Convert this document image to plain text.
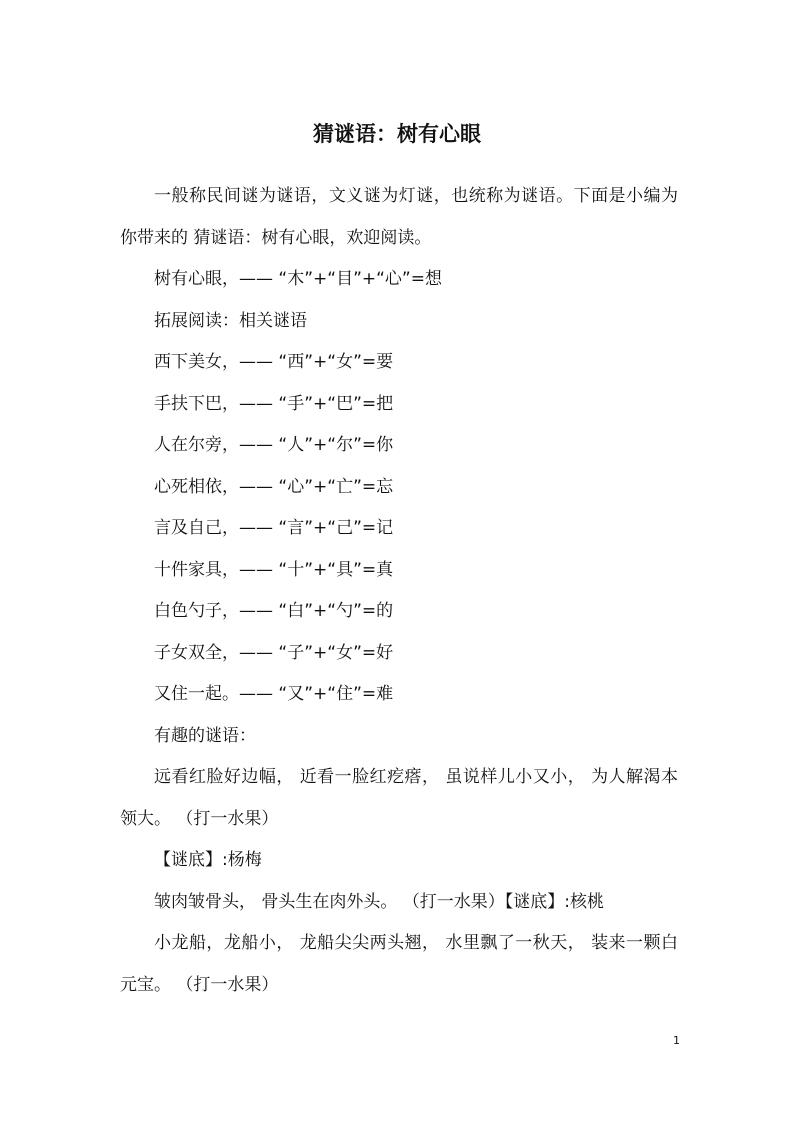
猜谜语：树有心眼

一般称民间谜为谜语，文义谜为灯谜，也统称为谜语。下面是小编为你带来的 猜谜语：树有心眼，欢迎阅读。

树有心眼，—— “木”+“目”+“心”=想

拓展阅读：相关谜语

西下美女，—— “西”+“女”=要

手扶下巴，—— “手”+“巴”=把

人在尔旁，—— “人”+“尔”=你

心死相依，—— “心”+“亡”=忘

言及自己，—— “言”+“己”=记

十件家具，—— “十”+“具”=真

白色勺子，—— “白”+“勺”=的

子女双全，—— “子”+“女”=好

又住一起。—— “又”+“住”=难

有趣的谜语：

远看红脸好边幅， 近看一脸红疙瘩， 虽说样儿小又小， 为人解渴本领大。 （打一水果）

【谜底】:杨梅

皱肉皱骨头， 骨头生在肉外头。 （打一水果）【谜底】:核桃

小龙船，龙船小， 龙船尖尖两头翘， 水里飘了一秋天， 装来一颗白元宝。 （打一水果）

1
